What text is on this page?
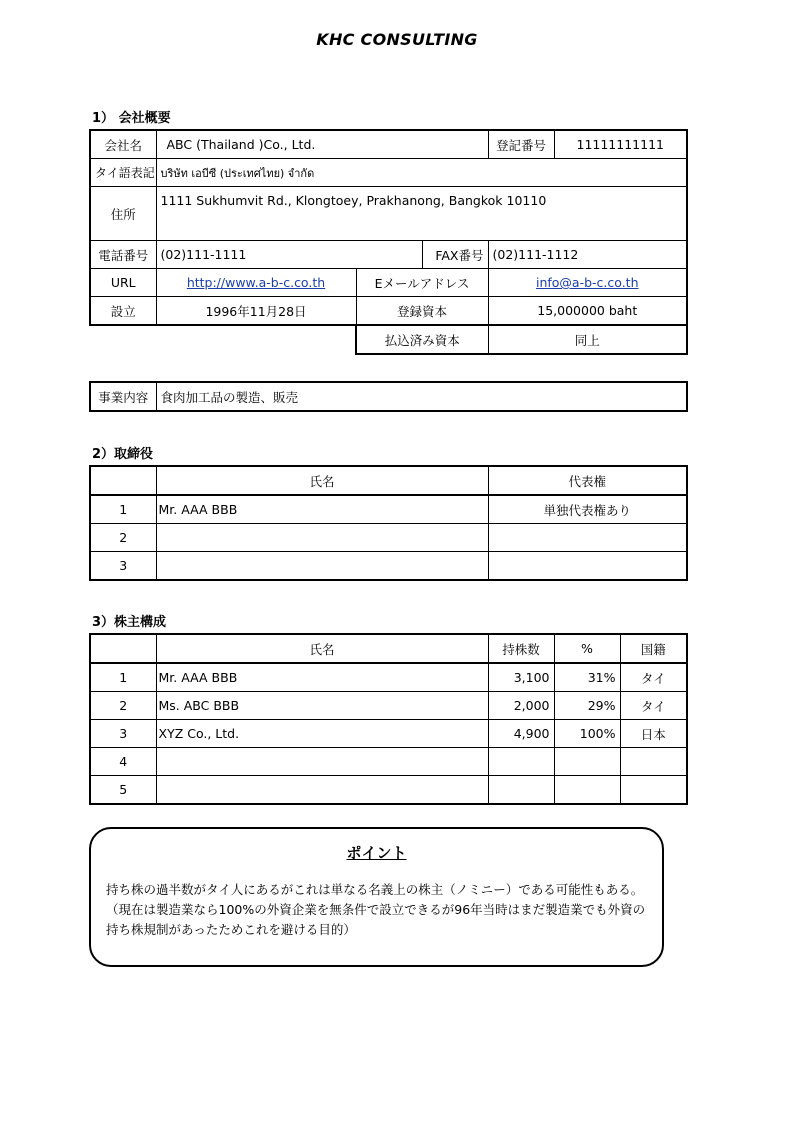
KHC CONSULTING
1） 会社概要
会社名	ABC (Thailand )Co., Ltd.			登記番号	11111111111
タイ語表記	บริษัท เอบีซี (ประเทศไทย) จำกัด				
住所	1111 Sukhumvit Rd., Klongtoey, Prakhanong, Bangkok 10110				
電話番号	(02)111-1111		FAX番号	(02)111-1112	
URL	http://www.a-b-c.co.th	Eメールアドレス		info@a-b-c.co.th	
設立	1996年11月28日	登録資本		15,000000 baht	
		払込済み資本		同上	
事業内容	食肉加工品の製造、販売
2）取締役
	氏名	代表権
1	Mr. AAA BBB	単独代表権あり
2		
3		
3）株主構成
	氏名	持株数	%	国籍
1	Mr. AAA BBB	3,100	31%	タイ
2	Ms. ABC BBB	2,000	29%	タイ
3	XYZ Co., Ltd.	4,900	100%	日本
4				
5				
ポイント
持ち株の過半数がタイ人にあるがこれは単なる名義上の株主（ノミニー）である可能性もある。（現在は製造業なら100%の外資企業を無条件で設立できるが96年当時はまだ製造業でも外資の持ち株規制があったためこれを避ける目的）
